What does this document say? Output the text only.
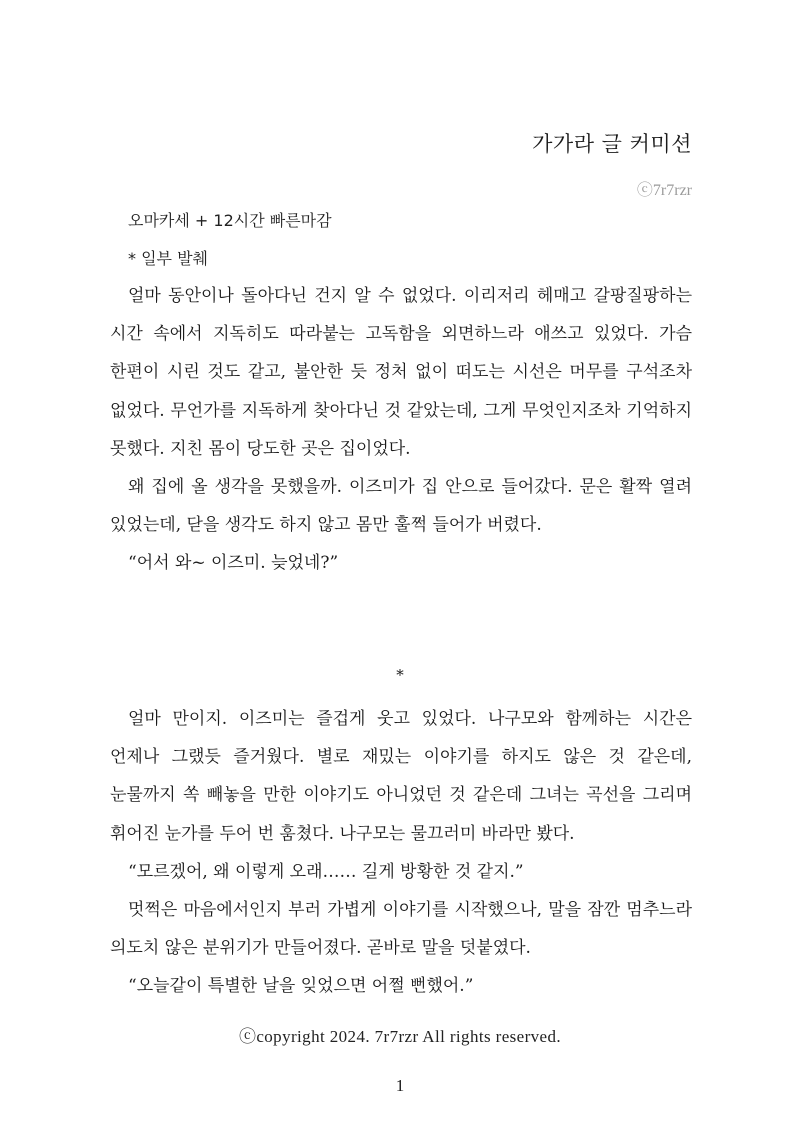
가가라 글 커미션
ⓒ7r7rzr
오마카세 + 12시간 빠른마감
* 일부 발췌

얼마 동안이나 돌아다닌 건지 알 수 없었다. 이리저리 헤매고 갈팡질팡하는 시간 속에서 지독히도 따라붙는 고독함을 외면하느라 애쓰고 있었다. 가슴 한편이 시린 것도 같고, 불안한 듯 정처 없이 떠도는 시선은 머무를 구석조차 없었다. 무언가를 지독하게 찾아다닌 것 같았는데, 그게 무엇인지조차 기억하지 못했다. 지친 몸이 당도한 곳은 집이었다.

왜 집에 올 생각을 못했을까. 이즈미가 집 안으로 들어갔다. 문은 활짝 열려 있었는데, 닫을 생각도 하지 않고 몸만 훌쩍 들어가 버렸다.

“어서 와~ 이즈미. 늦었네?”

*

얼마 만이지. 이즈미는 즐겁게 웃고 있었다. 나구모와 함께하는 시간은 언제나 그랬듯 즐거웠다. 별로 재밌는 이야기를 하지도 않은 것 같은데, 눈물까지 쏙 빼놓을 만한 이야기도 아니었던 것 같은데 그녀는 곡선을 그리며 휘어진 눈가를 두어 번 훔쳤다. 나구모는 물끄러미 바라만 봤다.

“모르겠어, 왜 이렇게 오래…… 길게 방황한 것 같지.”

멋쩍은 마음에서인지 부러 가볍게 이야기를 시작했으나, 말을 잠깐 멈추느라 의도치 않은 분위기가 만들어졌다. 곧바로 말을 덧붙였다.

“오늘같이 특별한 날을 잊었으면 어쩔 뻔했어.”

ⓒcopyright 2024. 7r7rzr All rights reserved.
1
